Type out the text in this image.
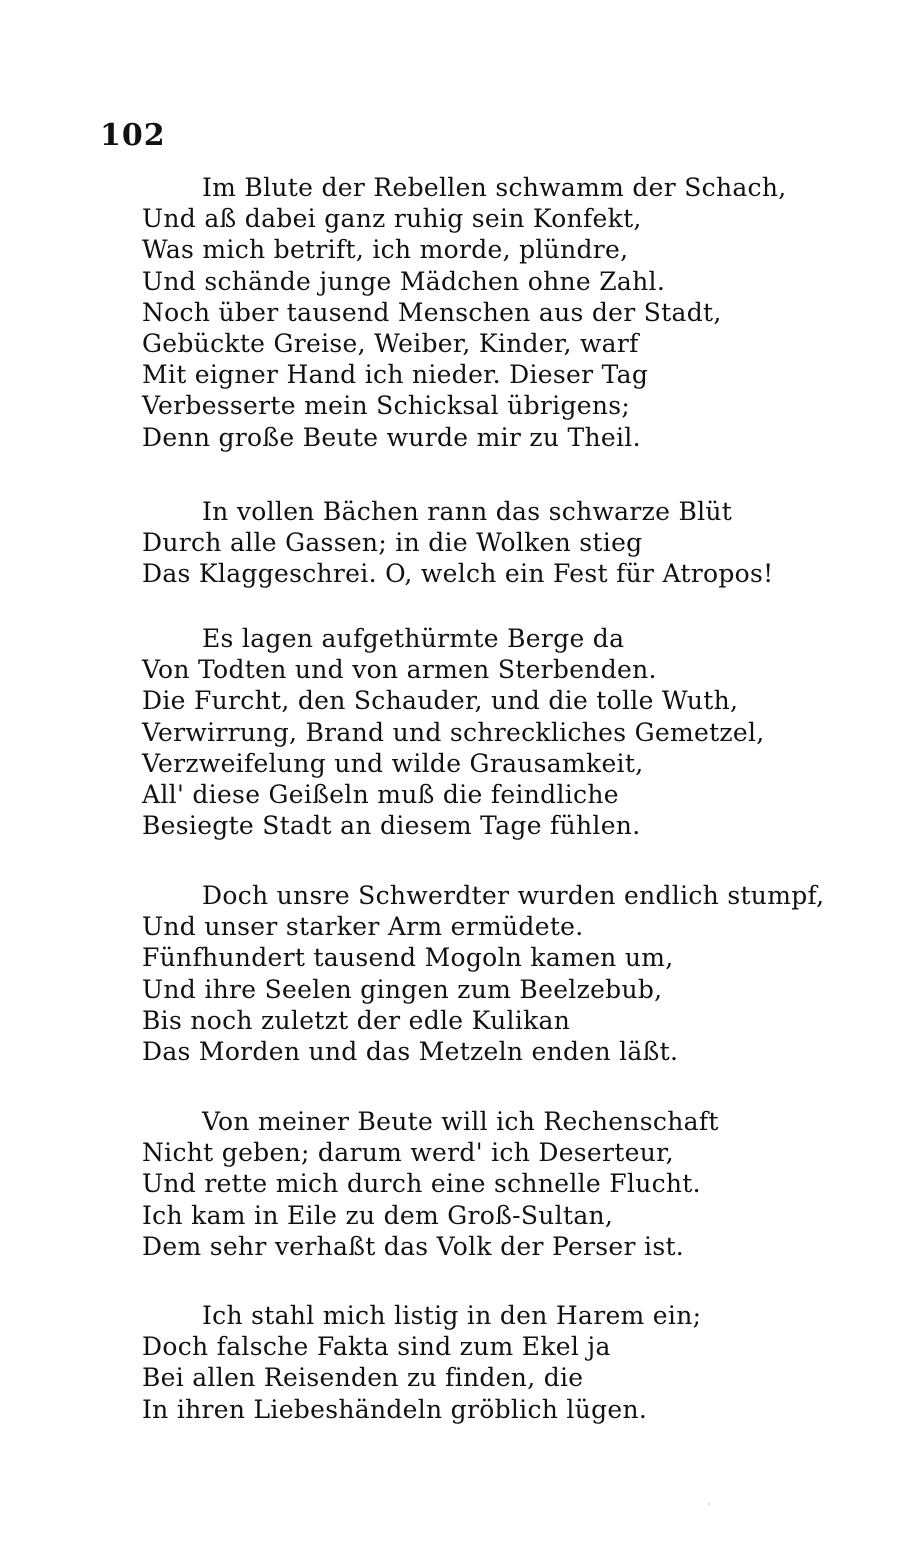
102
Im Blute der Rebellen schwamm der Schach,
Und aß dabei ganz ruhig sein Konfekt,
Was mich betrift, ich morde, plündre,
Und schände junge Mädchen ohne Zahl.
Noch über tausend Menschen aus der Stadt,
Gebückte Greise, Weiber, Kinder, warf
Mit eigner Hand ich nieder. Dieser Tag
Verbesserte mein Schicksal übrigens;
Denn große Beute wurde mir zu Theil.
In vollen Bächen rann das schwarze Blüt
Durch alle Gassen; in die Wolken stieg
Das Klaggeschrei. O, welch ein Fest für Atropos!
Es lagen aufgethürmte Berge da
Von Todten und von armen Sterbenden.
Die Furcht, den Schauder, und die tolle Wuth,
Verwirrung, Brand und schreckliches Gemetzel,
Verzweifelung und wilde Grausamkeit,
All' diese Geißeln muß die feindliche
Besiegte Stadt an diesem Tage fühlen.
Doch unsre Schwerdter wurden endlich stumpf,
Und unser starker Arm ermüdete.
Fünfhundert tausend Mogoln kamen um,
Und ihre Seelen gingen zum Beelzebub,
Bis noch zuletzt der edle Kulikan
Das Morden und das Metzeln enden läßt.
Von meiner Beute will ich Rechenschaft
Nicht geben; darum werd' ich Deserteur,
Und rette mich durch eine schnelle Flucht.
Ich kam in Eile zu dem Groß-Sultan,
Dem sehr verhaßt das Volk der Perser ist.
Ich stahl mich listig in den Harem ein;
Doch falsche Fakta sind zum Ekel ja
Bei allen Reisenden zu finden, die
In ihren Liebeshändeln gröblich lügen.
